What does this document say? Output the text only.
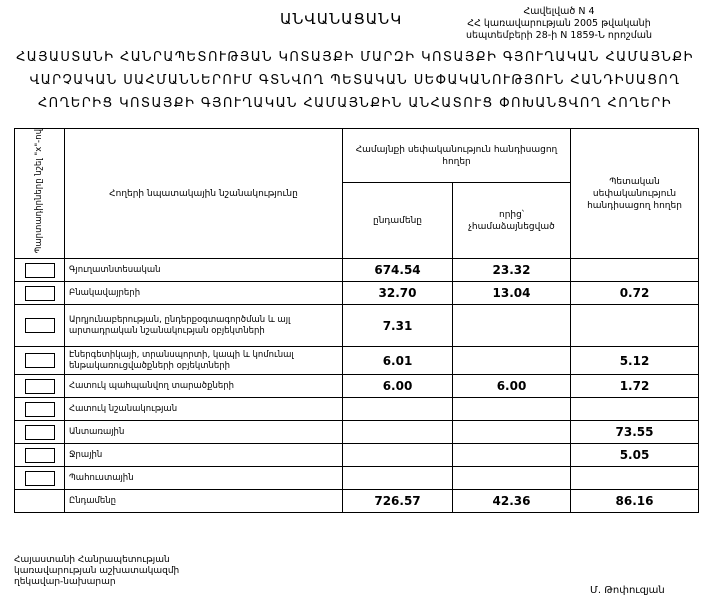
ԱՆՎԱՆԱՑԱՆԿ	Հավելված N 4
ՀՀ կառավարության 2005 թվականի
սեպտեմբերի 28-ի N 1859-Ն որոշման
ՀԱՅԱՍՏԱՆԻ ՀԱՆՐԱՊԵՏՈՒԹՅԱՆ ԿՈՏԱՅՔԻ ՄԱՐԶԻ ԿՈՏԱՅՔԻ ԳՅՈՒՂԱԿԱՆ ՀԱՄԱՅՆՔԻ
ՎԱՐՉԱԿԱՆ ՍԱՀՄԱՆՆԵՐՈՒՄ ԳՏՆՎՈՂ ՊԵՏԱԿԱՆ ՍԵՓԱԿԱՆՈՒԹՅՈՒՆ ՀԱՆԴԻՍԱՑՈՂ
ՀՈՂԵՐԻՑ ԿՈՏԱՅՔԻ ԳՅՈՒՂԱԿԱՆ ՀԱՄԱՅՆՔԻՆ ԱՆՀԱՏՈՒՑ ՓՈԽԱՆՑՎՈՂ ՀՈՂԵՐԻ
Պարտադիրները նշել "x"-ով	Հողերի նպատակային նշանակությունը	Համայնքի սեփականություն հանդիսացող հողեր		Պետական սեփականություն հանդիսացող հողեր
		ընդամենը	որից՝ չհամաձայնեցված	
	Գյուղատնտեսական	674.54	23.32	
	Բնակավայրերի	32.70	13.04	0.72
	Արդյունաբերության, ընդերքօգտագործման և այլ արտադրական նշանակության օբյեկտների	7.31		
	Էներգետիկայի, տրանսպորտի, կապի և կոմունալ ենթակառուցվածքների օբյեկտների	6.01		5.12
	Հատուկ պահպանվող տարածքների	6.00	6.00	1.72
	Հատուկ նշանակության			
	Անտառային			73.55
	Ջրային			5.05
	Պահուստային			
	Ընդամենը	726.57	42.36	86.16
Հայաստանի Հանրապետության
կառավարության աշխատակազմի
ղեկավար-նախարար
Մ. Թոփուզյան
